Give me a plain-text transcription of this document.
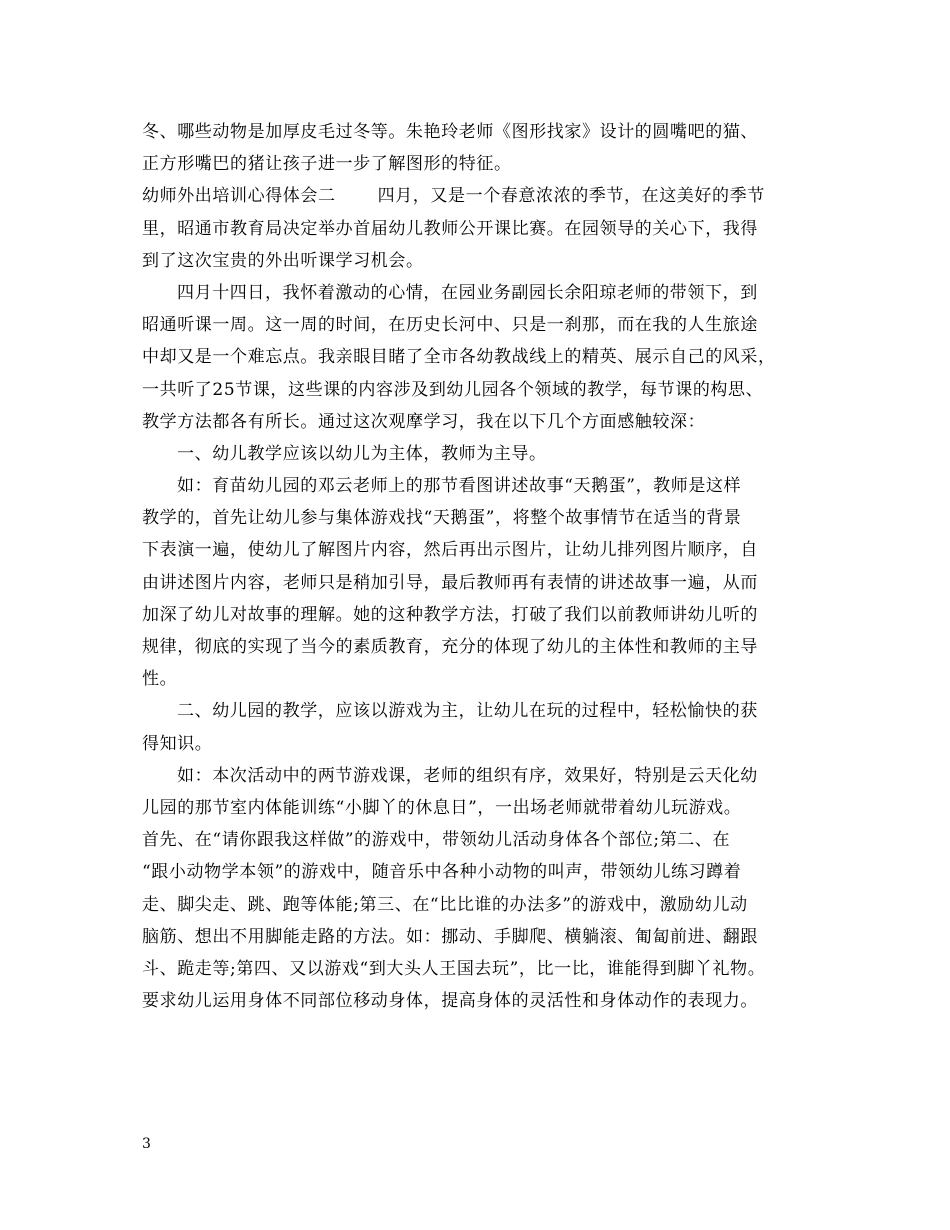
冬、哪些动物是加厚皮毛过冬等。朱艳玲老师《图形找家》设计的圆嘴吧的猫、
正方形嘴巴的猪让孩子进一步了解图形的特征。
幼师外出培训心得体会二 四月，又是一个春意浓浓的季节，在这美好的季节
里，昭通市教育局决定举办首届幼儿教师公开课比赛。在园领导的关心下，我得
到了这次宝贵的外出听课学习机会。
四月十四日，我怀着激动的心情，在园业务副园长余阳琼老师的带领下，到
昭通听课一周。这一周的时间，在历史长河中、只是一刹那，而在我的人生旅途
中却又是一个难忘点。我亲眼目睹了全市各幼教战线上的精英、展示自己的风采，
一共听了25节课，这些课的内容涉及到幼儿园各个领域的教学，每节课的构思、
教学方法都各有所长。通过这次观摩学习，我在以下几个方面感触较深：
一、幼儿教学应该以幼儿为主体，教师为主导。
如：育苗幼儿园的邓云老师上的那节看图讲述故事“天鹅蛋”，教师是这样
教学的，首先让幼儿参与集体游戏找“天鹅蛋”，将整个故事情节在适当的背景
下表演一遍，使幼儿了解图片内容，然后再出示图片，让幼儿排列图片顺序，自
由讲述图片内容，老师只是稍加引导，最后教师再有表情的讲述故事一遍，从而
加深了幼儿对故事的理解。她的这种教学方法，打破了我们以前教师讲幼儿听的
规律，彻底的实现了当今的素质教育，充分的体现了幼儿的主体性和教师的主导
性。
二、幼儿园的教学，应该以游戏为主，让幼儿在玩的过程中，轻松愉快的获
得知识。
如：本次活动中的两节游戏课，老师的组织有序，效果好，特别是云天化幼
儿园的那节室内体能训练“小脚丫的休息日”，一出场老师就带着幼儿玩游戏。
首先、在“请你跟我这样做”的游戏中，带领幼儿活动身体各个部位;第二、在
“跟小动物学本领”的游戏中，随音乐中各种小动物的叫声，带领幼儿练习蹲着
走、脚尖走、跳、跑等体能;第三、在“比比谁的办法多”的游戏中，激励幼儿动
脑筋、想出不用脚能走路的方法。如：挪动、手脚爬、横躺滚、匍匐前进、翻跟
斗、跪走等;第四、又以游戏“到大头人王国去玩”，比一比，谁能得到脚丫礼物。
要求幼儿运用身体不同部位移动身体，提高身体的灵活性和身体动作的表现力。
3
